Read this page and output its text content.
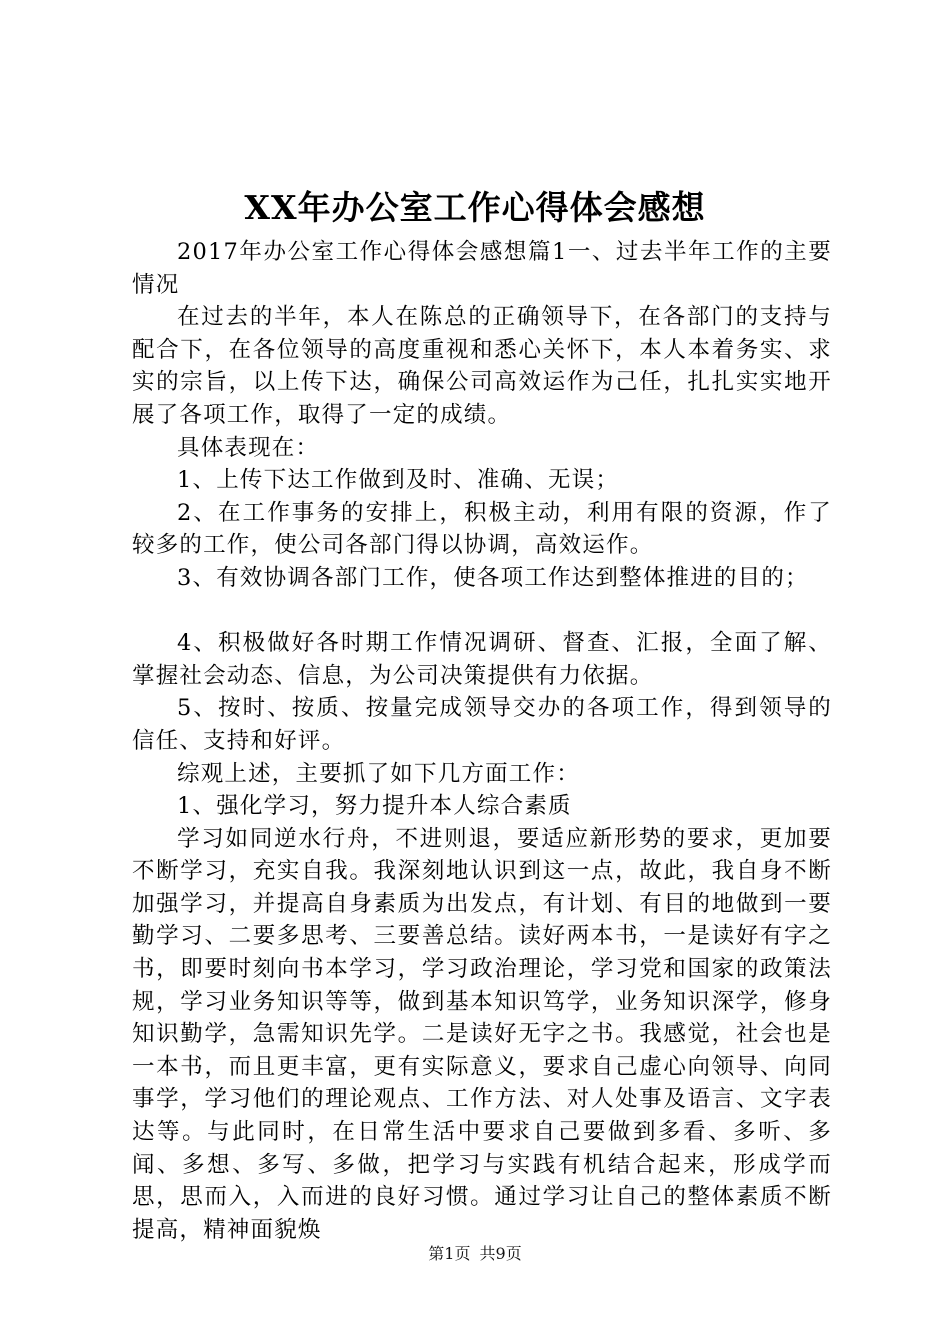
XX年办公室工作心得体会感想

2017年办公室工作心得体会感想篇1一、过去半年工作的主要情况

在过去的半年，本人在陈总的正确领导下，在各部门的支持与配合下，在各位领导的高度重视和悉心关怀下，本人本着务实、求实的宗旨，以上传下达，确保公司高效运作为己任，扎扎实实地开展了各项工作，取得了一定的成绩。

具体表现在：

1、上传下达工作做到及时、准确、无误；

2、在工作事务的安排上，积极主动，利用有限的资源，作了较多的工作，使公司各部门得以协调，高效运作。

3、有效协调各部门工作，使各项工作达到整体推进的目的；

4、积极做好各时期工作情况调研、督查、汇报，全面了解、掌握社会动态、信息，为公司决策提供有力依据。

5、按时、按质、按量完成领导交办的各项工作，得到领导的信任、支持和好评。

综观上述，主要抓了如下几方面工作：

1、强化学习，努力提升本人综合素质

学习如同逆水行舟，不进则退，要适应新形势的要求，更加要不断学习，充实自我。我深刻地认识到这一点，故此，我自身不断加强学习，并提高自身素质为出发点，有计划、有目的地做到一要勤学习、二要多思考、三要善总结。读好两本书，一是读好有字之书，即要时刻向书本学习，学习政治理论，学习党和国家的政策法规，学习业务知识等等，做到基本知识笃学，业务知识深学，修身知识勤学，急需知识先学。二是读好无字之书。我感觉，社会也是一本书，而且更丰富，更有实际意义，要求自己虚心向领导、向同事学，学习他们的理论观点、工作方法、对人处事及语言、文字表达等。与此同时，在日常生活中要求自己要做到多看、多听、多闻、多想、多写、多做，把学习与实践有机结合起来，形成学而思，思而入，入而进的良好习惯。通过学习让自己的整体素质不断提高，精神面貌焕

第1页 共9页
